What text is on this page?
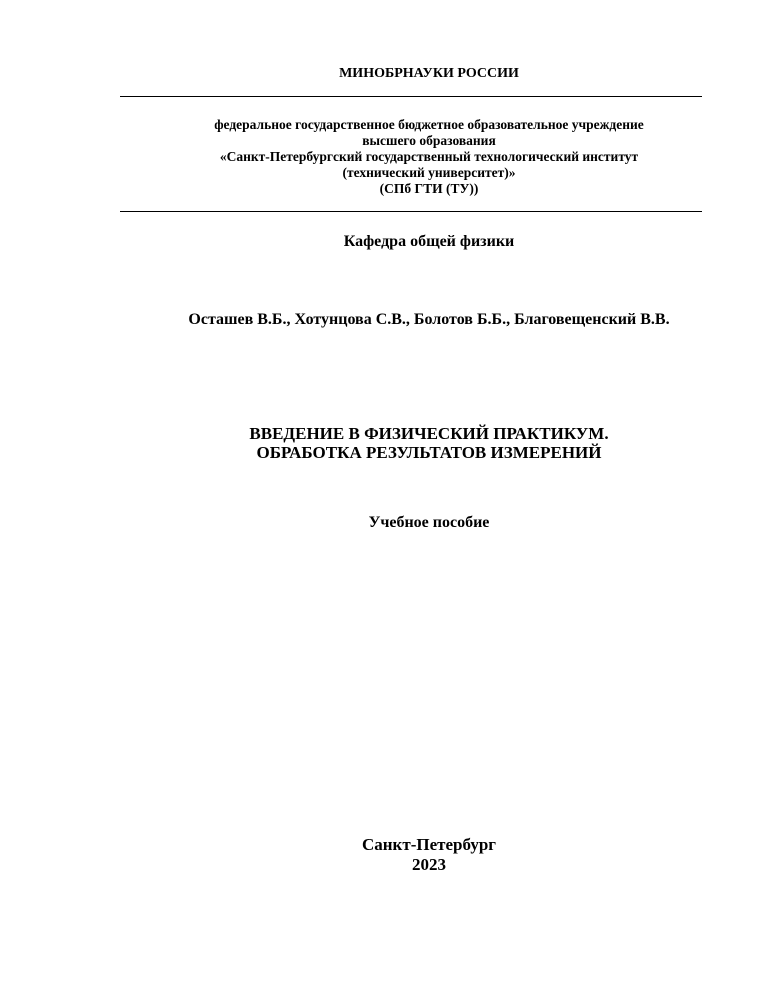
МИНОБРНАУКИ РОССИИ
федеральное государственное бюджетное образовательное учреждение
высшего образования
«Санкт-Петербургский государственный технологический институт
(технический университет)»
(СПб ГТИ (ТУ))
Кафедра общей физики
Осташев В.Б., Хотунцова С.В., Болотов Б.Б., Благовещенский В.В.
ВВЕДЕНИЕ В ФИЗИЧЕСКИЙ ПРАКТИКУМ.
ОБРАБОТКА РЕЗУЛЬТАТОВ ИЗМЕРЕНИЙ
Учебное пособие
Санкт-Петербург
2023
